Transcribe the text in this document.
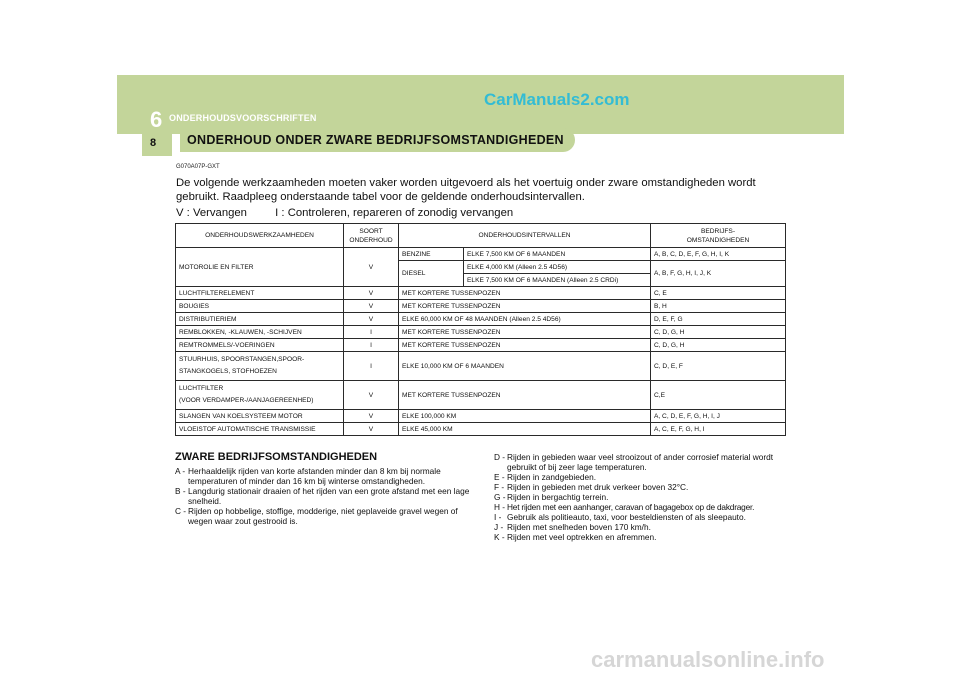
CarManuals2.com
6 ONDERHOUDSVOORSCHRIFTEN
8 ONDERHOUD ONDER ZWARE BEDRIJFSOMSTANDIGHEDEN
G070A07P-GXT
De volgende werkzaamheden moeten vaker worden uitgevoerd als het voertuig onder zware omstandigheden wordt gebruikt. Raadpleeg onderstaande tabel voor de geldende onderhoudsintervallen.
V : Vervangen I : Controleren, repareren of zonodig vervangen
ONDERHOUDSWERKZAAMHEDEN	SOORT
ONDERHOUD	ONDERHOUDSINTERVALLEN		BEDRIJFS-
OMSTANDIGHEDEN
MOTOROLIE EN FILTER	V	BENZINE	ELKE 7,500 KM OF 6 MAANDEN	A, B, C, D, E, F, G, H, I, K
		DIESEL	ELKE 4,000 KM (Alleen 2.5 4D56)	A, B, F, G, H, I, J, K
			ELKE 7,500 KM OF 6 MAANDEN (Alleen 2.5 CRDi)	
LUCHTFILTERELEMENT	V	MET KORTERE TUSSENPOZEN		C, E
BOUGIES	V	MET KORTERE TUSSENPOZEN		B, H
DISTRIBUTIERIEM	V	ELKE 60,000 KM OF 48 MAANDEN (Alleen 2.5 4D56)		D, E, F, G
REMBLOKKEN, -KLAUWEN, -SCHIJVEN	I	MET KORTERE TUSSENPOZEN		C, D, G, H
REMTROMMELS/-VOERINGEN	I	MET KORTERE TUSSENPOZEN		C, D, G, H

STUURHUIS, SPOORSTANGEN,SPOOR-
STANGKOGELS, STOFHOEZEN	I	ELKE 10,000 KM OF 6 MAANDEN		C, D, E, F

LUCHTFILTER
(VOOR VERDAMPER-/AANJAGEREENHED)	V	MET KORTERE TUSSENPOZEN		C,E
SLANGEN VAN KOELSYSTEEM MOTOR	V	ELKE 100,000 KM		A, C, D, E, F, G, H, I, J
VLOEISTOF AUTOMATISCHE TRANSMISSIE	V	ELKE 45,000 KM		A, C, E, F, G, H, I
ZWARE BEDRIJFSOMSTANDIGHEDEN
A - Herhaaldelijk rijden van korte afstanden minder dan 8 km bij normale temperaturen of minder dan 16 km bij winterse omstandigheden.
B - Langdurig stationair draaien of het rijden van een grote afstand met een lage snelheid.
C - Rijden op hobbelige, stoffige, modderige, niet geplaveide gravel wegen of wegen waar zout gestrooid is.
D - Rijden in gebieden waar veel strooizout of ander corrosief material wordt gebruikt of bij zeer lage temperaturen.
E - Rijden in zandgebieden.
F - Rijden in gebieden met druk verkeer boven 32°C.
G - Rijden in bergachtig terrein.
H - Het rijden met een aanhanger, caravan of bagagebox op de dakdrager.
I - Gebruik als politieauto, taxi, voor besteldiensten of als sleepauto.
J - Rijden met snelheden boven 170 km/h.
K - Rijden met veel optrekken en afremmen.
carmanualsonline.info
